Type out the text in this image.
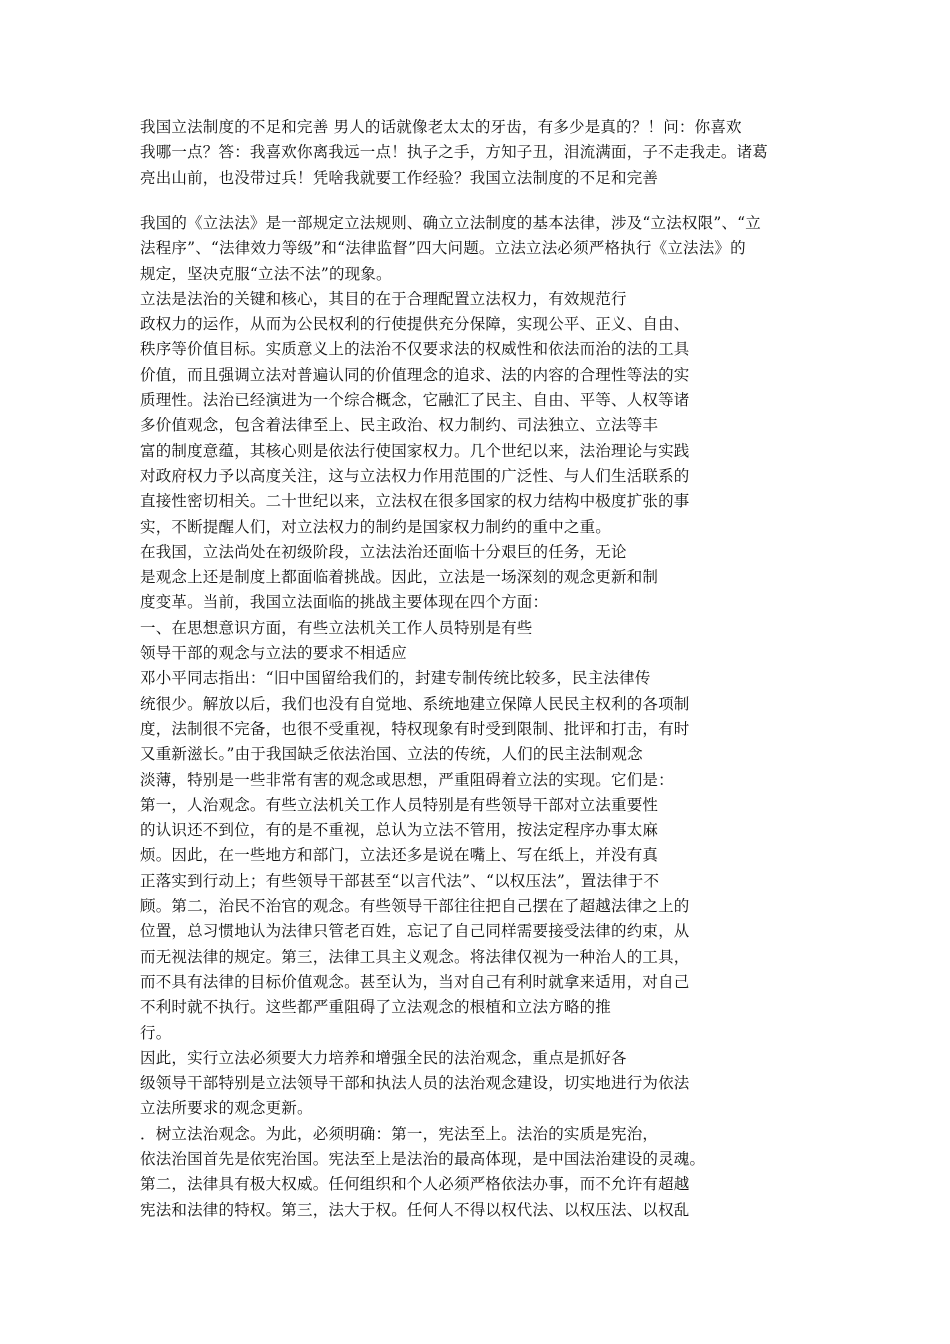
我国立法制度的不足和完善 男人的话就像老太太的牙齿，有多少是真的？！问：你喜欢
我哪一点？答：我喜欢你离我远一点！执子之手，方知子丑，泪流满面，子不走我走。诸葛
亮出山前，也没带过兵！凭啥我就要工作经验？我国立法制度的不足和完善
我国的《立法法》是一部规定立法规则、确立立法制度的基本法律，涉及“立法权限”、“立
法程序”、“法律效力等级”和“法律监督”四大问题。立法立法必须严格执行《立法法》的
规定，坚决克服“立法不法”的现象。
立法是法治的关键和核心，其目的在于合理配置立法权力，有效规范行
政权力的运作，从而为公民权利的行使提供充分保障，实现公平、正义、自由、
秩序等价值目标。实质意义上的法治不仅要求法的权威性和依法而治的法的工具
价值，而且强调立法对普遍认同的价值理念的追求、法的内容的合理性等法的实
质理性。法治已经演进为一个综合概念，它融汇了民主、自由、平等、人权等诸
多价值观念，包含着法律至上、民主政治、权力制约、司法独立、立法等丰
富的制度意蕴，其核心则是依法行使国家权力。几个世纪以来，法治理论与实践
对政府权力予以高度关注，这与立法权力作用范围的广泛性、与人们生活联系的
直接性密切相关。二十世纪以来，立法权在很多国家的权力结构中极度扩张的事
实，不断提醒人们，对立法权力的制约是国家权力制约的重中之重。
在我国，立法尚处在初级阶段，立法法治还面临十分艰巨的任务，无论
是观念上还是制度上都面临着挑战。因此，立法是一场深刻的观念更新和制
度变革。当前，我国立法面临的挑战主要体现在四个方面：
一、在思想意识方面，有些立法机关工作人员特别是有些
领导干部的观念与立法的要求不相适应
邓小平同志指出：“旧中国留给我们的，封建专制传统比较多，民主法律传
统很少。解放以后，我们也没有自觉地、系统地建立保障人民民主权利的各项制
度，法制很不完备，也很不受重视，特权现象有时受到限制、批评和打击，有时
又重新滋长。”由于我国缺乏依法治国、立法的传统，人们的民主法制观念
淡薄，特别是一些非常有害的观念或思想，严重阻碍着立法的实现。它们是：
第一，人治观念。有些立法机关工作人员特别是有些领导干部对立法重要性
的认识还不到位，有的是不重视，总认为立法不管用，按法定程序办事太麻
烦。因此，在一些地方和部门，立法还多是说在嘴上、写在纸上，并没有真
正落实到行动上；有些领导干部甚至“以言代法”、“以权压法”，置法律于不
顾。第二，治民不治官的观念。有些领导干部往往把自己摆在了超越法律之上的
位置，总习惯地认为法律只管老百姓，忘记了自己同样需要接受法律的约束，从
而无视法律的规定。第三，法律工具主义观念。将法律仅视为一种治人的工具，
而不具有法律的目标价值观念。甚至认为，当对自己有利时就拿来适用，对自己
不利时就不执行。这些都严重阻碍了立法观念的根植和立法方略的推
行。
因此，实行立法必须要大力培养和增强全民的法治观念，重点是抓好各
级领导干部特别是立法领导干部和执法人员的法治观念建设，切实地进行为依法
立法所要求的观念更新。
．树立法治观念。为此，必须明确：第一，宪法至上。法治的实质是宪治，
依法治国首先是依宪治国。宪法至上是法治的最高体现，是中国法治建设的灵魂。
第二，法律具有极大权威。任何组织和个人必须严格依法办事，而不允许有超越
宪法和法律的特权。第三，法大于权。任何人不得以权代法、以权压法、以权乱
